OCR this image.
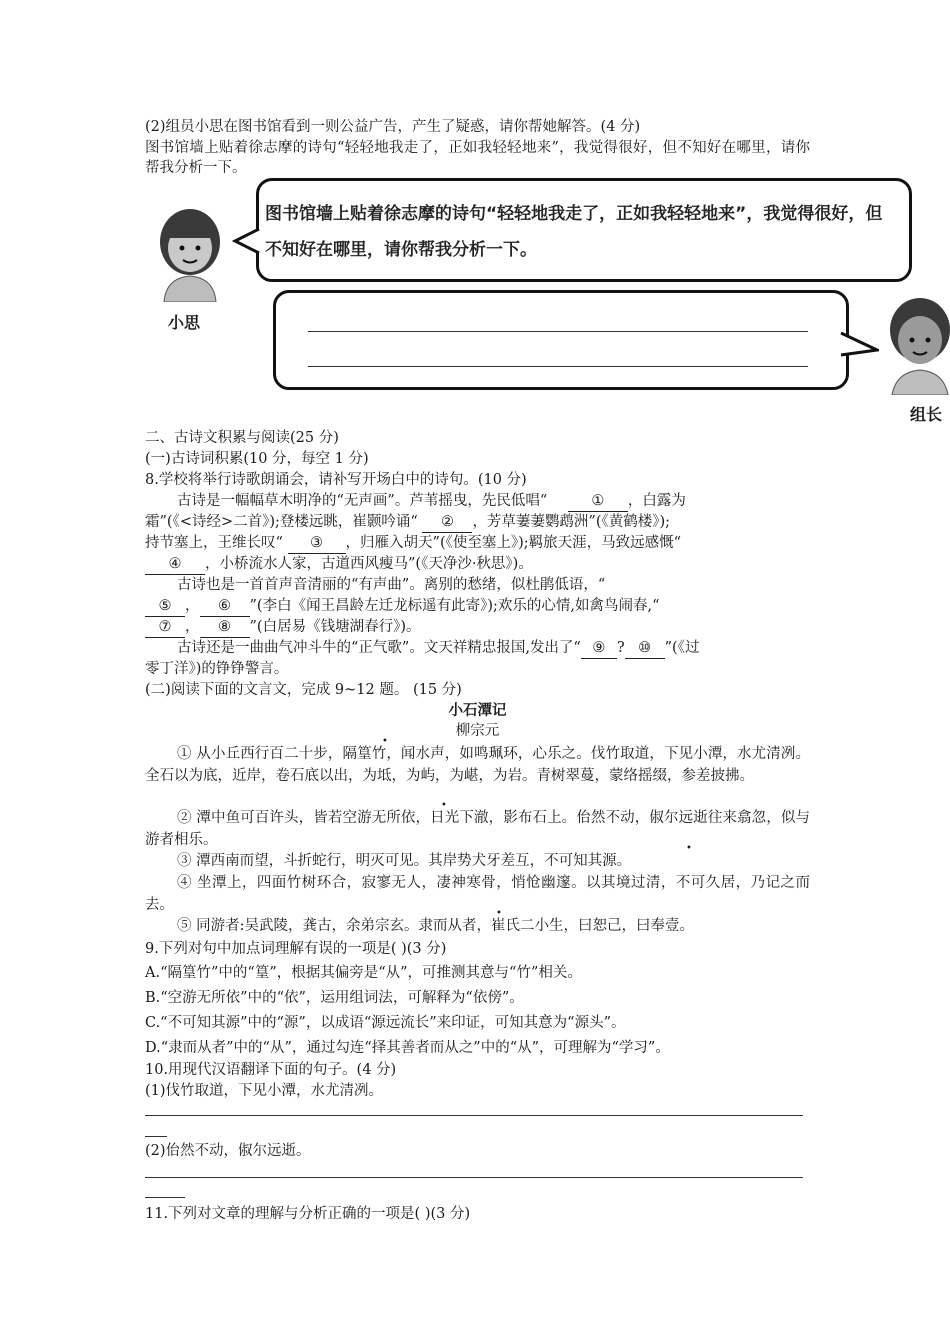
(2)组员小思在图书馆看到一则公益广告，产生了疑惑，请你帮她解答。(4 分)
图书馆墙上贴着徐志摩的诗句“轻轻地我走了，正如我轻轻地来”，我觉得很好，但不知好在哪里，请你帮我分析一下。
小思
图书馆墙上贴着徐志摩的诗句“轻轻地我走了，正如我轻轻地来”，我觉得很好，但不知好在哪里，请你帮我分析一下。
组长
二、古诗文积累与阅读(25 分)
(一)古诗词积累(10 分，每空 1 分)
8.学校将举行诗歌朗诵会，请补写开场白中的诗句。(10 分)
古诗是一幅幅草木明净的“无声画”。芦苇摇曳，先民低唱“	① ，白露为
霜”(《<诗经>二首》);登楼远眺，崔颢吟诵“ ② ，芳草萋萋鹦鹉洲”(《黄鹤楼》);
持节塞上，王维长叹“ ③ ，归雁入胡天”(《使至塞上》);羁旅天涯，马致远感慨“
④ ，小桥流水人家，古道西风瘦马”(《天净沙·秋思》)。
古诗也是一首首声音清丽的“有声曲”。离别的愁绪，似杜鹃低语，“
⑤ ， ⑥ ”(李白《闻王昌龄左迁龙标遥有此寄》);欢乐的心情,如禽鸟闹春,“
⑦ ， ⑧ ”(白居易《钱塘湖春行》)。
古诗还是一曲曲气冲斗牛的“正气歌”。文天祥精忠报国,发出了“ ⑨ ? ⑩ ”(《过
零丁洋》)的铮铮警言。
(二)阅读下面的文言文，完成 9~12 题。 (15 分)
小石潭记
柳宗元
① 从小丘西行百二十步，隔篁竹，闻水声，如鸣珮环，心乐之。伐竹取道，下见小潭，水尤清冽。全石以为底，近岸，卷石底以出，为坻，为屿，为嵁，为岩。青树翠蔓，蒙络摇缀，参差披拂。
② 潭中鱼可百许头，皆若空游无所依，日光下澈，影布石上。佁然不动，俶尔远逝往来翕忽，似与游者相乐。
③ 潭西南而望，斗折蛇行，明灭可见。其岸势犬牙差互，不可知其源。
④ 坐潭上，四面竹树环合，寂寥无人，凄神寒骨，悄怆幽邃。以其境过清，不可久居，乃记之而去。
⑤ 同游者:吴武陵，龚古，余弟宗玄。隶而从者，崔氏二小生，曰恕己，曰奉壹。
•
•
•
•
9.下列对句中加点词理解有误的一项是( )(3 分)
A.“隔篁竹”中的“篁”，根据其偏旁是“从”，可推测其意与“竹”相关。
B.“空游无所依”中的“依”，运用组词法，可解释为“依傍”。
C.“不可知其源”中的“源”，以成语“源远流长”来印证，可知其意为“源头”。
D.“隶而从者”中的“从”，通过勾连“择其善者而从之”中的“从”，可理解为“学习”。
10.用现代汉语翻译下面的句子。(4 分)
(1)伐竹取道，下见小潭，水尤清冽。
(2)佁然不动，俶尔远逝。
11.下列对文章的理解与分析正确的一项是( )(3 分)
